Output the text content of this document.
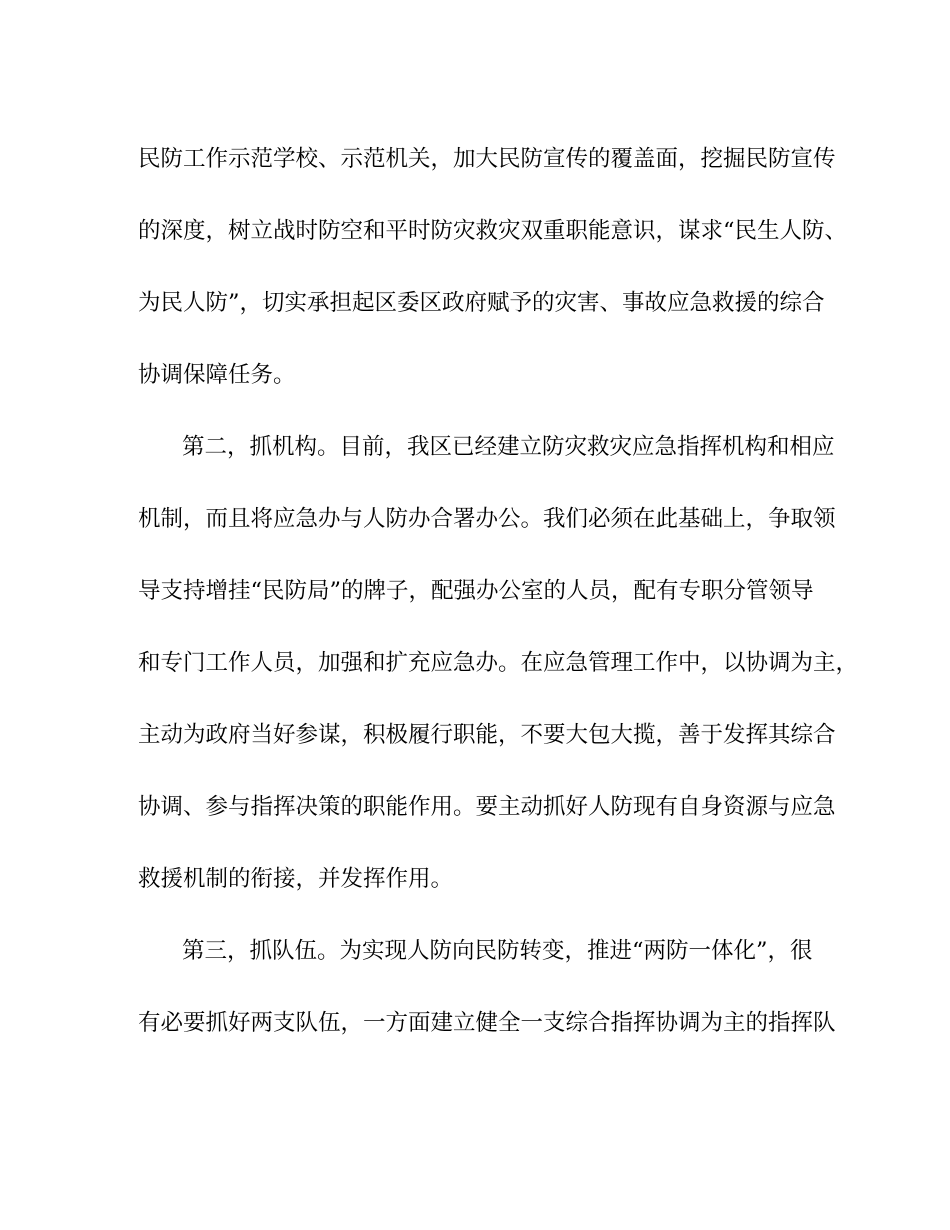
民防工作示范学校、示范机关，加大民防宣传的覆盖面，挖掘民防宣传

的深度，树立战时防空和平时防灾救灾双重职能意识，谋求“民生人防、

为民人防”，切实承担起区委区政府赋予的灾害、事故应急救援的综合

协调保障任务。

第二，抓机构。目前，我区已经建立防灾救灾应急指挥机构和相应

机制，而且将应急办与人防办合署办公。我们必须在此基础上，争取领

导支持增挂“民防局”的牌子，配强办公室的人员，配有专职分管领导

和专门工作人员，加强和扩充应急办。在应急管理工作中，以协调为主，

主动为政府当好参谋，积极履行职能，不要大包大揽，善于发挥其综合

协调、参与指挥决策的职能作用。要主动抓好人防现有自身资源与应急

救援机制的衔接，并发挥作用。

第三，抓队伍。为实现人防向民防转变，推进“两防一体化”，很

有必要抓好两支队伍，一方面建立健全一支综合指挥协调为主的指挥队
